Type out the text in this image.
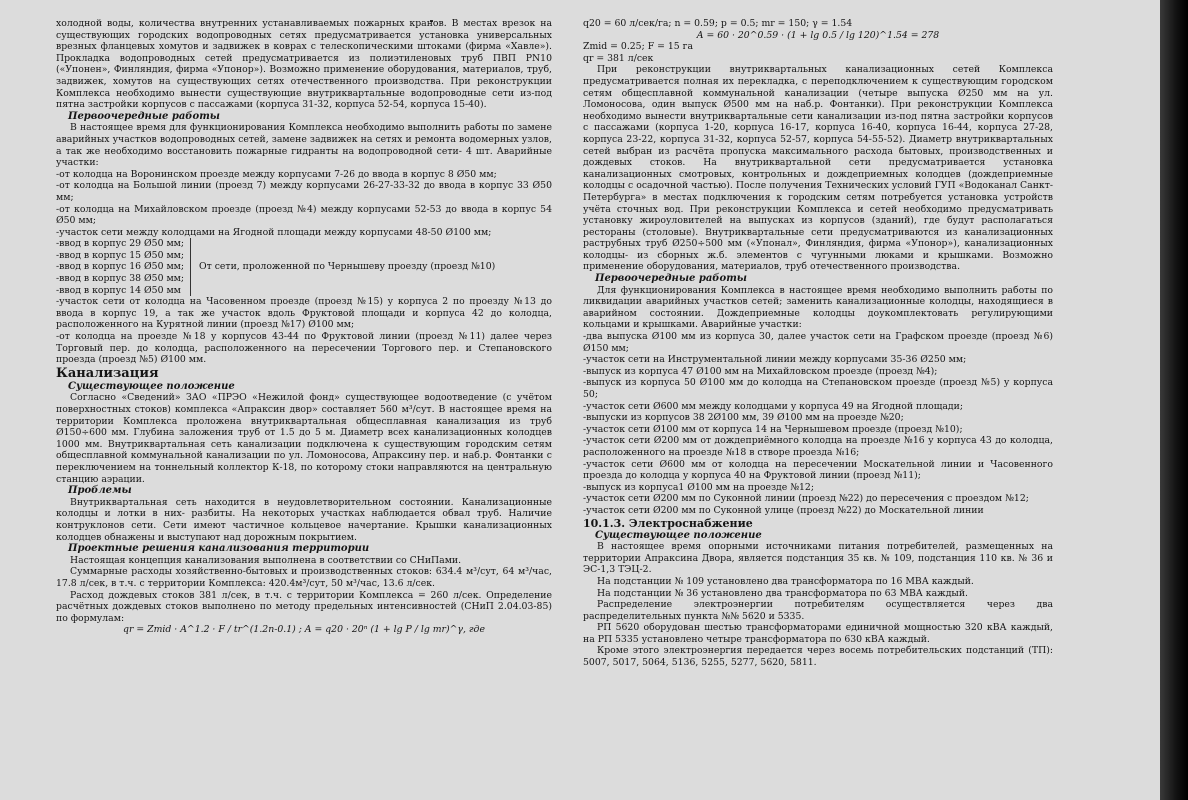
холодной воды, количества внутренних устанавливаемых пожарных кранов. В местах врезок на существующих городских водопроводных сетях предусматривается установка универсальных врезных фланцевых хомутов и задвижек в коврах с телескопическими штоками (фирма «Хавле»). Прокладка водопроводных сетей предусматривается из полиэтиленовых труб ПВП PN10 («Упонен», Финляндия, фирма «Упонор»). Возможно применение оборудования, материалов, труб, задвижек, хомутов на существующих сетях отечественного производства. При реконструкции Комплекса необходимо вынести существующие внутриквартальные водопроводные сети из-под пятна застройки корпусов с пассажами (корпуса 31-32, корпуса 52-54, корпуса 15-40).

Первоочередные работы

В настоящее время для функционирования Комплекса необходимо выполнить работы по замене аварийных участков водопроводных сетей, замене задвижек на сетях и ремонта водомерных узлов, а так же необходимо восстановить пожарные гидранты на водопроводной сети- 4 шт. Аварийные участки:

-от колодца на Воронинском проезде между корпусами 7-26 до ввода в корпус 8 Ø50 мм;

-от колодца на Большой линии (проезд 7) между корпусами 26-27-33-32 до ввода в корпус 33 Ø50 мм;

-от колодца на Михайловском проезде (проезд №4) между корпусами 52-53 до ввода в корпус 54 Ø50 мм;

-участок сети между колодцами на Ягодной площади между корпусами 48-50 Ø100 мм;

-ввод в корпус 29 Ø50 мм;

-ввод в корпус 15 Ø50 мм;

-ввод в корпус 16 Ø50 мм;

-ввод в корпус 38 Ø50 мм;

-ввод в корпус 14 Ø50 мм

От сети, проложенной по Чернышеву проезду (проезд №10)

-участок сети от колодца на Часовенном проезде (проезд №15) у корпуса 2 по проезду №13 до ввода в корпус 19, а так же участок вдоль Фруктовой площади и корпуса 42 до колодца, расположенного на Курятной линии (проезд №17) Ø100 мм;

-от колодца на проезде №18 у корпусов 43-44 по Фруктовой линии (проезд №11) далее через Торговый пер. до колодца, расположенного на пересечении Торгового пер. и Степановского проезда (проезд №5) Ø100 мм.

Канализация

Существующее положение

Согласно «Сведений» ЗАО «ПРЭО «Нежилой фонд» существующее водоотведение (с учётом поверхностных стоков) комплекса «Апраксин двор» составляет 560 м³/сут. В настоящее время на территории Комплекса проложена внутриквартальная общесплавная канализация из труб Ø150÷600 мм. Глубина заложения труб от 1.5 до 5 м. Диаметр всех канализационных колодцев 1000 мм. Внутриквартальная сеть канализации подключена к существующим городским сетям общесплавной коммунальной канализации по ул. Ломоносова, Апраксину пер. и наб.р. Фонтанки с переключением на тоннельный коллектор К-18, по которому стоки направляются на центральную станцию аэрации.

Проблемы

Внутриквартальная сеть находится в неудовлетворительном состоянии. Канализационные колодцы и лотки в них- разбиты. На некоторых участках наблюдается обвал труб. Наличие контруклонов сети. Сети имеют частичное кольцевое начертание. Крышки канализационных колодцев обнажены и выступают над дорожным покрытием.

Проектные решения канализования территории

Настоящая концепция канализования выполнена в соответствии со СНиПами.

Суммарные расходы хозяйственно-бытовых и производственных стоков: 634.4 м³/сут, 64 м³/час, 17.8 л/сек, в т.ч. с территории Комплекса: 420.4м³/сут, 50 м³/час, 13.6 л/сек.

Расход дождевых стоков 381 л/сек, в т.ч. с территории Комплекса = 260 л/сек. Определение расчётных дождевых стоков выполнено по методу предельных интенсивностей (СНиП 2.04.03-85) по формулам:

qr = Zmid · A^1.2 · F / tr^(1.2n-0.1) ; A = q20 · 20ⁿ (1 + lg P / lg mr)^γ, где

q20 = 60 л/сек/га; n = 0.59; p = 0.5; mr = 150; γ = 1.54

A = 60 · 20^0.59 · (1 + lg 0.5 / lg 120)^1.54 = 278

Zmid = 0.25; F = 15 га

qr = 381 л/сек

При реконструкции внутриквартальных канализационных сетей Комплекса предусматривается полная их перекладка, с переподключением к существующим городском сетям общесплавной коммунальной канализации (четыре выпуска Ø250 мм на ул. Ломоносова, один выпуск Ø500 мм на наб.р. Фонтанки). При реконструкции Комплекса необходимо вынести внутриквартальные сети канализации из-под пятна застройки корпусов с пассажами (корпуса 1-20, корпуса 16-17, корпуса 16-40, корпуса 16-44, корпуса 27-28, корпуса 23-22, корпуса 31-32, корпуса 52-57, корпуса 54-55-52). Диаметр внутриквартальных сетей выбран из расчёта пропуска максимального расхода бытовых, производственных и дождевых стоков. На внутриквартальной сети предусматривается установка канализационных смотровых, контрольных и дождеприемных колодцев (дождеприемные колодцы с осадочной частью). После получения Технических условий ГУП «Водоканал Санкт-Петербурга» в местах подключения к городским сетям потребуется установка устройств учёта сточных вод. При реконструкции Комплекса и сетей необходимо предусматривать установку жироуловителей на выпусках из корпусов (зданий), где будут располагаться рестораны (столовые). Внутриквартальные сети предусматриваются из канализационных раструбных труб Ø250÷500 мм («Упонал», Финляндия, фирма «Упонор»), канализационных колодцы- из сборных ж.б. элементов с чугунными люками и крышками. Возможно применение оборудования, материалов, труб отечественного производства.

Первоочередные работы

Для функционирования Комплекса в настоящее время необходимо выполнить работы по ликвидации аварийных участков сетей; заменить канализационные колодцы, находящиеся в аварийном состоянии. Дождеприемные колодцы доукомплектовать регулирующими кольцами и крышками. Аварийные участки:

-два выпуска Ø100 мм из корпуса 30, далее участок сети на Графском проезде (проезд №6) Ø150 мм;

-участок сети на Инструментальной линии между корпусами 35-36 Ø250 мм;

-выпуск из корпуса 47 Ø100 мм на Михайловском проезде (проезд №4);

-выпуск из корпуса 50 Ø100 мм до колодца на Степановском проезде (проезд №5) у корпуса 50;

-участок сети Ø600 мм между колодцами у корпуса 49 на Ягодной площади;

-выпуски из корпусов 38 2Ø100 мм, 39 Ø100 мм на проезде №20;

-участок сети Ø100 мм от корпуса 14 на Чернышевом проезде (проезд №10);

-участок сети Ø200 мм от дождеприёмного колодца на проезде №16 у корпуса 43 до колодца, расположенного на проезде №18 в створе проезда №16;

-участок сети Ø600 мм от колодца на пересечении Москательной линии и Часовенного проезда до колодца у корпуса 40 на Фруктовой линии (проезд №11);

-выпуск из корпуса1 Ø100 мм на проезде №12;

-участок сети Ø200 мм по Суконной линии (проезд №22) до пересечения с проездом №12;

-участок сети Ø200 мм по Суконной улице (проезд №22) до Москательной линии

10.1.3. Электроснабжение

Существующее положение

В настоящее время опорными источниками питания потребителей, размещенных на территории Апраксина Двора, является подстанция 35 кв. № 109, подстанция 110 кв. № 36 и ЭС-1,3 ТЭЦ-2.

На подстанции № 109 установлено два трансформатора по 16 МВА каждый.

На подстанции № 36 установлено два трансформатора по 63 МВА каждый.

Распределение электроэнергии потребителям осуществляется через два распределительных пункта №№ 5620 и 5335.

РП 5620 оборудован шестью трансформаторами единичной мощностью 320 кВА каждый, на РП 5335 установлено четыре трансформатора по 630 кВА каждый.

Кроме этого электроэнергия передается через восемь потребительских подстанций (ТП): 5007, 5017, 5064, 5136, 5255, 5277, 5620, 5811.
